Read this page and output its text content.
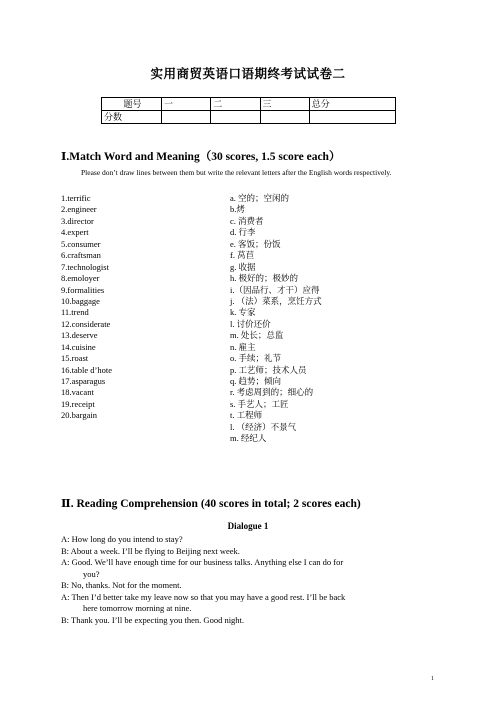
实用商贸英语口语期终考试试卷二
题号	一	二	三	总分
分数				
Ⅰ.Match Word and Meaning（30 scores, 1.5 score each）
Please don’t draw lines between them but write the relevant letters after the English words respectively.
1.terrific
2.engineer
3.director
4.expert
5.consumer
6.craftsman
7.technologist
8.emoloyer
9.formalities
10.baggage
11.trend
12.considerate
13.deserve
14.cuisine
15.roast
16.table d’hote
17.asparagus
18.vacant
19.receipt
20.bargain
a. 空的；空闲的
b.烤
c. 消费者
d. 行李
e. 客饭；份饭
f. 莴苣
g. 收据
h. 极好的；极妙的
i.（因品行、才干）应得
j. （法）菜系，烹饪方式
k. 专家
l. 讨价还价
m. 处长；总监
n. 雇主
o. 手续；礼节
p. 工艺师；技术人员
q. 趋势；倾向
r. 考虑周到的；细心的
s. 手艺人；工匠
t. 工程师
l. （经济）不景气
m. 经纪人
Ⅱ. Reading Comprehension (40 scores in total; 2 scores each)
Dialogue 1

A: How long do you intend to stay?

B: About a week. I’ll be flying to Beijing next week.

A: Good. We’ll have enough time for our business talks. Anything else I can do for
you?

B: No, thanks. Not for the moment.

A: Then I’d better take my leave now so that you may have a good rest. I’ll be back
here tomorrow morning at nine.

B: Thank you. I’ll be expecting you then. Good night.

1
